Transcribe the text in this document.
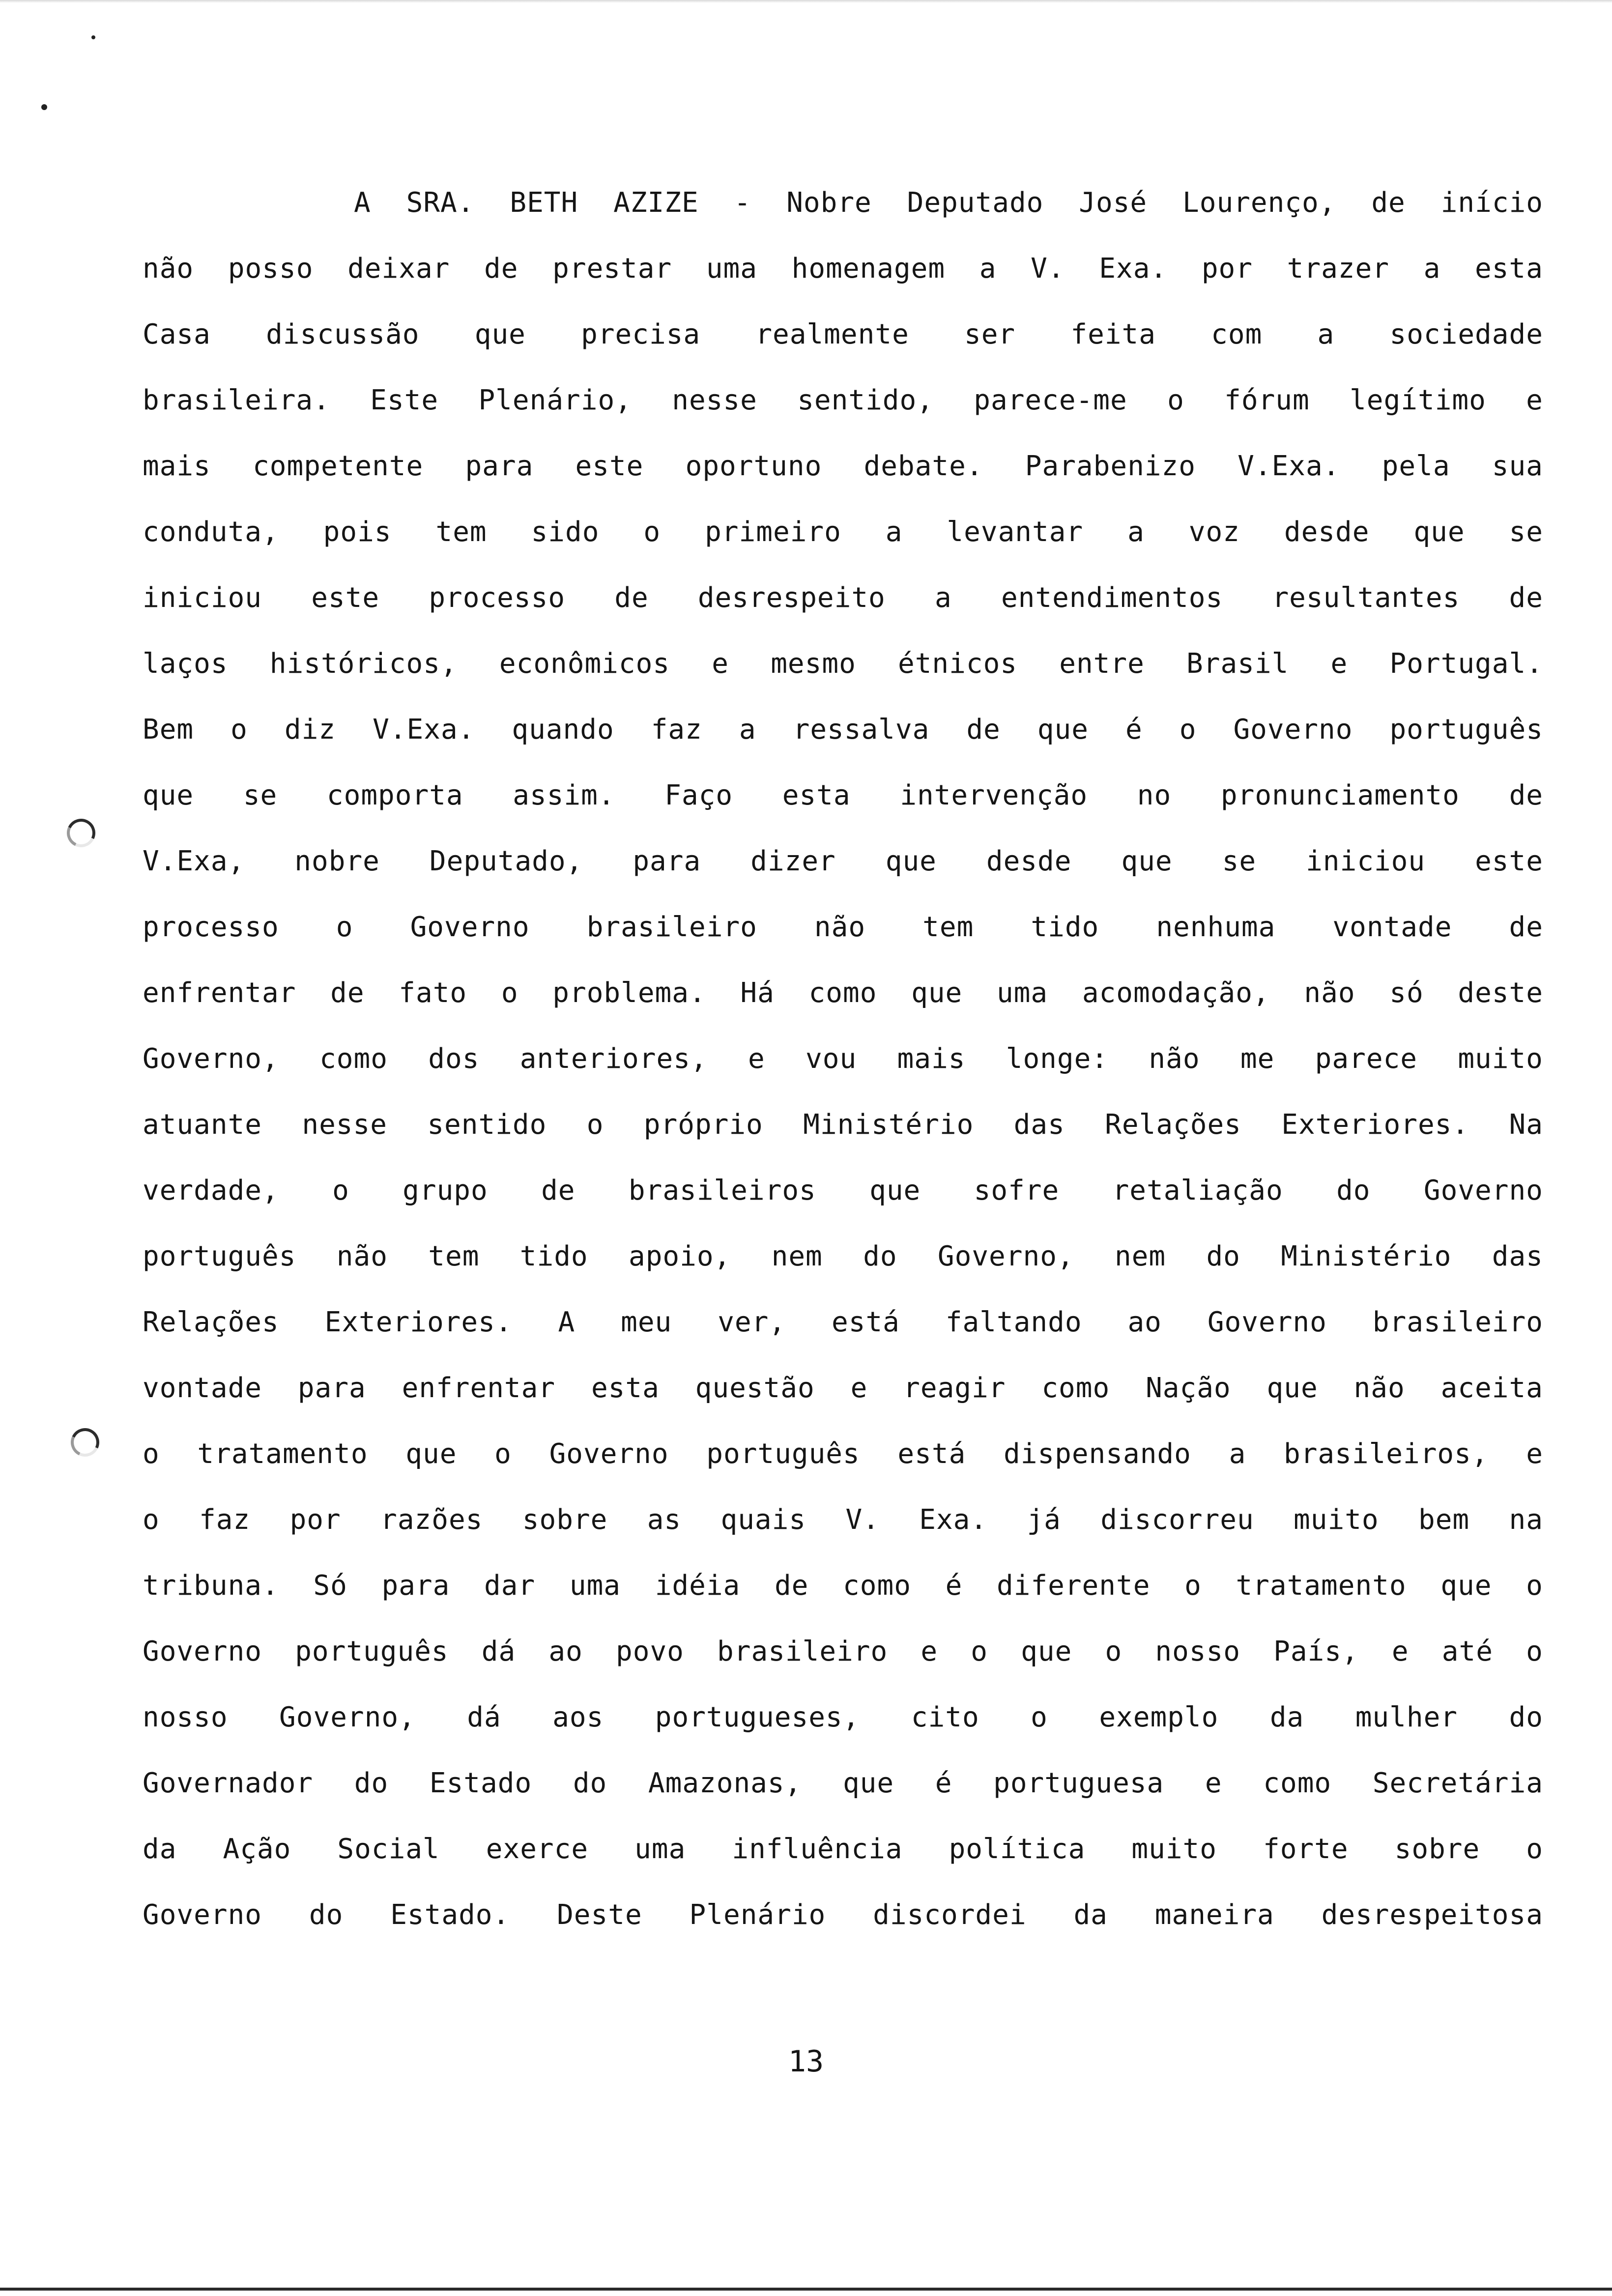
A SRA. BETH AZIZE - Nobre Deputado José Lourenço, de início
não posso deixar de prestar uma homenagem a V. Exa. por trazer a esta
Casa discussão que precisa realmente ser feita com a sociedade
brasileira. Este Plenário, nesse sentido, parece-me o fórum legítimo e
mais competente para este oportuno debate. Parabenizo V.Exa. pela sua
conduta, pois tem sido o primeiro a levantar a voz desde que se
iniciou este processo de desrespeito a entendimentos resultantes de
laços históricos, econômicos e mesmo étnicos entre Brasil e Portugal.
Bem o diz V.Exa. quando faz a ressalva de que é o Governo português
que se comporta assim. Faço esta intervenção no pronunciamento de
V.Exa, nobre Deputado, para dizer que desde que se iniciou este
processo o Governo brasileiro não tem tido nenhuma vontade de
enfrentar de fato o problema. Há como que uma acomodação, não só deste
Governo, como dos anteriores, e vou mais longe: não me parece muito
atuante nesse sentido o próprio Ministério das Relações Exteriores. Na
verdade, o grupo de brasileiros que sofre retaliação do Governo
português não tem tido apoio, nem do Governo, nem do Ministério das
Relações Exteriores. A meu ver, está faltando ao Governo brasileiro
vontade para enfrentar esta questão e reagir como Nação que não aceita
o tratamento que o Governo português está dispensando a brasileiros, e
o faz por razões sobre as quais V. Exa. já discorreu muito bem na
tribuna. Só para dar uma idéia de como é diferente o tratamento que o
Governo português dá ao povo brasileiro e o que o nosso País, e até o
nosso Governo, dá aos portugueses, cito o exemplo da mulher do
Governador do Estado do Amazonas, que é portuguesa e como Secretária
da Ação Social exerce uma influência política muito forte sobre o
Governo do Estado. Deste Plenário discordei da maneira desrespeitosa
13
